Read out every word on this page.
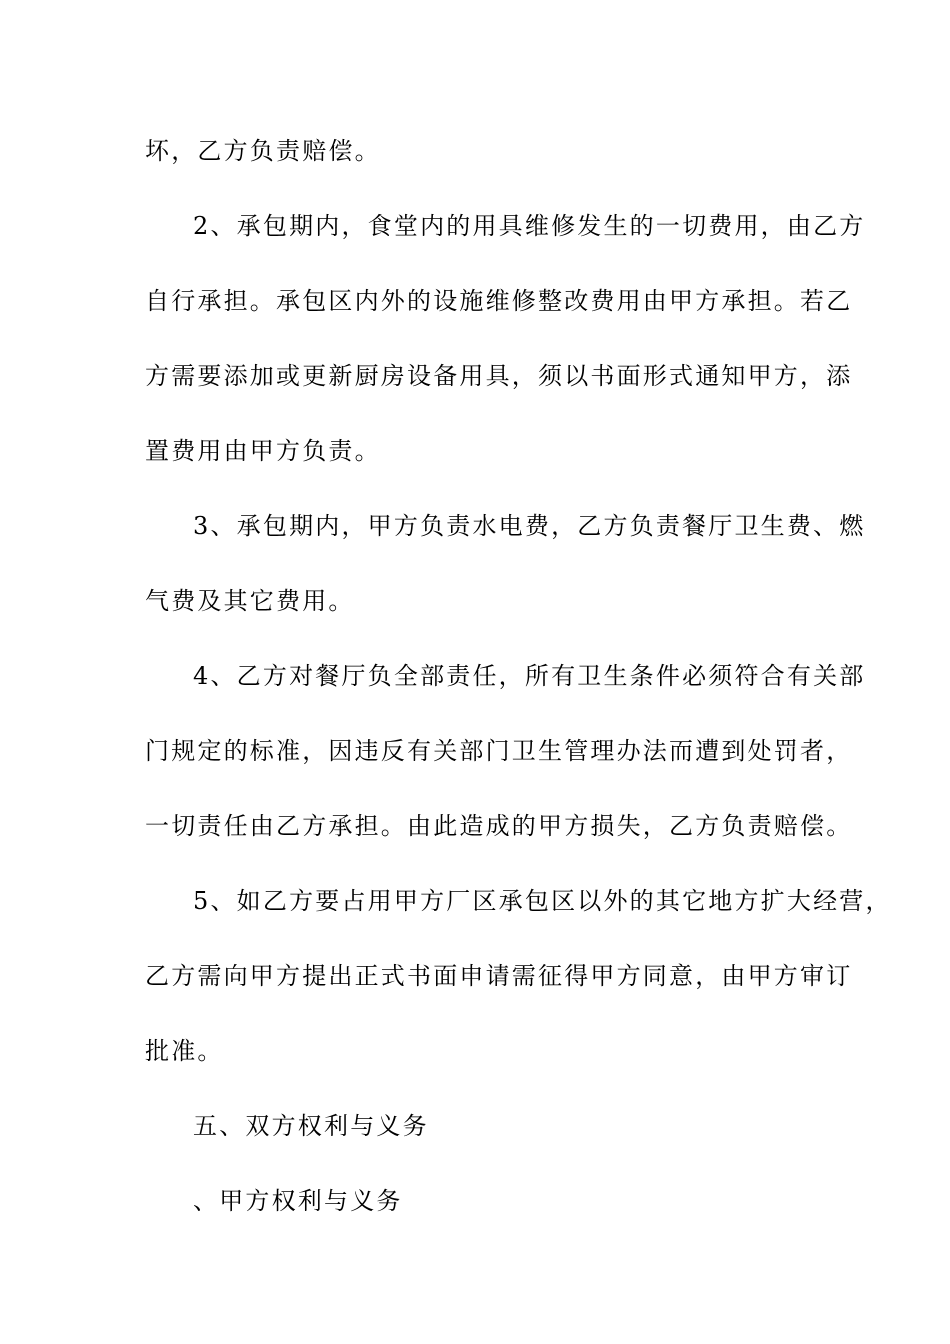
坏，乙方负责赔偿。
2、承包期内，食堂内的用具维修发生的一切费用，由乙方
自行承担。承包区内外的设施维修整改费用由甲方承担。若乙
方需要添加或更新厨房设备用具，须以书面形式通知甲方，添
置费用由甲方负责。
3、承包期内，甲方负责水电费，乙方负责餐厅卫生费、燃
气费及其它费用。
4、乙方对餐厅负全部责任，所有卫生条件必须符合有关部
门规定的标准，因违反有关部门卫生管理办法而遭到处罚者，
一切责任由乙方承担。由此造成的甲方损失，乙方负责赔偿。
5、如乙方要占用甲方厂区承包区以外的其它地方扩大经营，
乙方需向甲方提出正式书面申请需征得甲方同意，由甲方审订
批准。
五、双方权利与义务
、甲方权利与义务
